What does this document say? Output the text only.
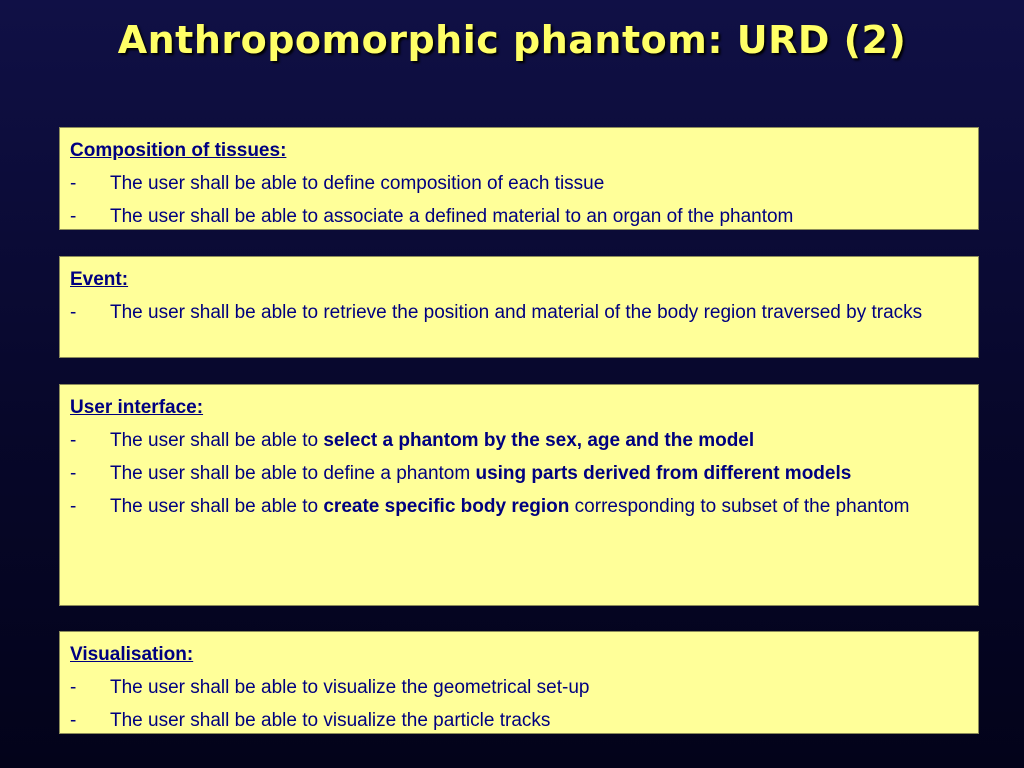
Anthropomorphic phantom: URD (2)
Composition of tissues:
-	The user shall be able to define composition of each tissue
-	The user shall be able to associate a defined material to an organ of the phantom
Event:
-	The user shall be able to retrieve the position and material of the body region traversed by tracks
User interface:
-	The user shall be able to select a phantom by the sex, age and the model
-	The user shall be able to define a phantom using parts derived from different models
-	The user shall be able to create specific body region corresponding to subset of the phantom
Visualisation:
-	The user shall be able to visualize the geometrical set-up
-	The user shall be able to visualize the particle tracks
